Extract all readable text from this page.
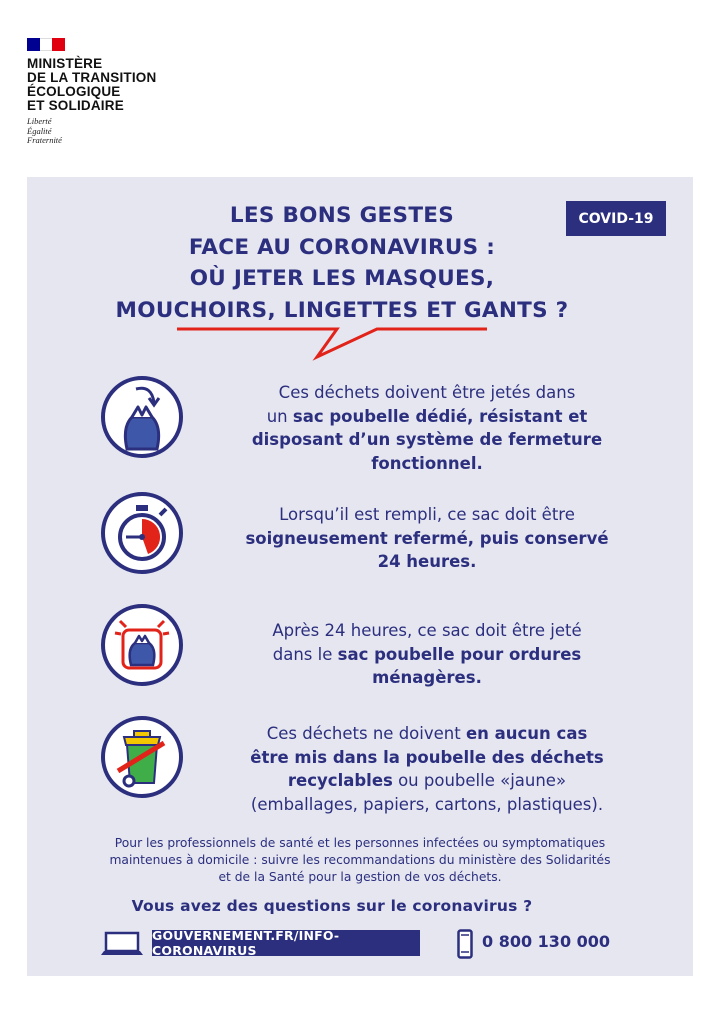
MINISTÈRE
DE LA TRANSITION
ÉCOLOGIQUE
ET SOLIDAIRE
Liberté
Égalité
Fraternité
LES BONS GESTES
FACE AU CORONAVIRUS :
OÙ JETER LES MASQUES,
MOUCHOIRS, LINGETTES ET GANTS ?
COVID-19
Ces déchets doivent être jetés dans
un sac poubelle dédié, résistant et
disposant d’un système de fermeture
fonctionnel.
Lorsqu’il est rempli, ce sac doit être
soigneusement refermé, puis conservé
24 heures.
Après 24 heures, ce sac doit être jeté
dans le sac poubelle pour ordures
ménagères.
Ces déchets ne doivent en aucun cas
être mis dans la poubelle des déchets
recyclables ou poubelle «jaune»
(emballages, papiers, cartons, plastiques).
Pour les professionnels de santé et les personnes infectées ou symptomatiques
maintenues à domicile : suivre les recommandations du ministère des Solidarités
et de la Santé pour la gestion de vos déchets.
Vous avez des questions sur le coronavirus ?
GOUVERNEMENT.FR/INFO-CORONAVIRUS	0 800 130 000
